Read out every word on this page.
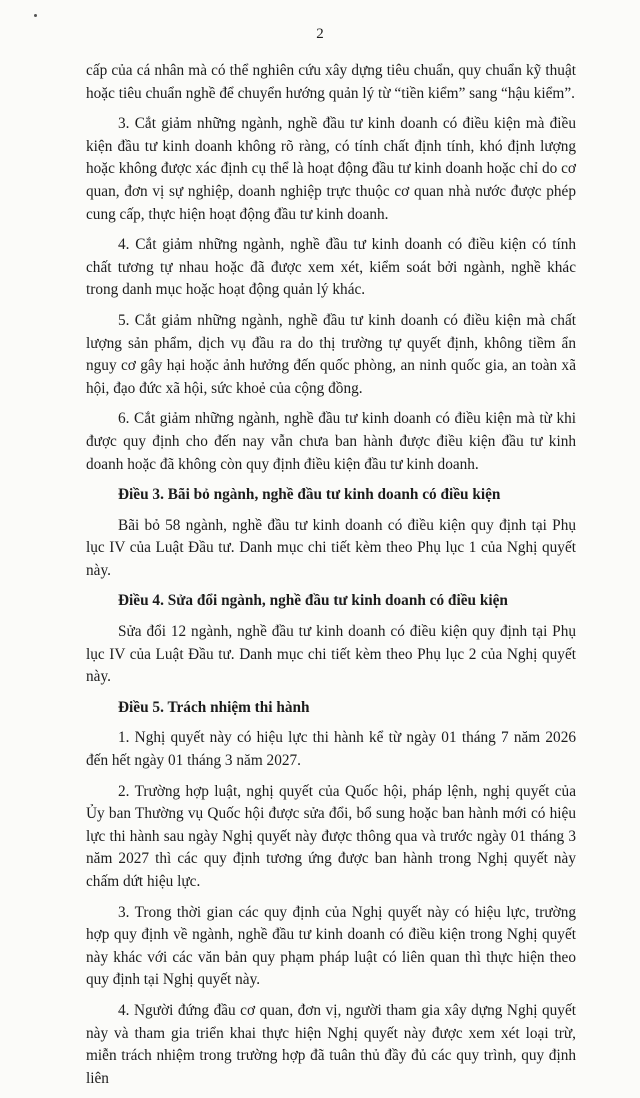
2

cấp của cá nhân mà có thể nghiên cứu xây dựng tiêu chuẩn, quy chuẩn kỹ thuật hoặc tiêu chuẩn nghề để chuyển hướng quản lý từ “tiền kiểm” sang “hậu kiểm”.

3. Cắt giảm những ngành, nghề đầu tư kinh doanh có điều kiện mà điều kiện đầu tư kinh doanh không rõ ràng, có tính chất định tính, khó định lượng hoặc không được xác định cụ thể là hoạt động đầu tư kinh doanh hoặc chỉ do cơ quan, đơn vị sự nghiệp, doanh nghiệp trực thuộc cơ quan nhà nước được phép cung cấp, thực hiện hoạt động đầu tư kinh doanh.

4. Cắt giảm những ngành, nghề đầu tư kinh doanh có điều kiện có tính chất tương tự nhau hoặc đã được xem xét, kiểm soát bởi ngành, nghề khác trong danh mục hoặc hoạt động quản lý khác.

5. Cắt giảm những ngành, nghề đầu tư kinh doanh có điều kiện mà chất lượng sản phẩm, dịch vụ đầu ra do thị trường tự quyết định, không tiềm ẩn nguy cơ gây hại hoặc ảnh hưởng đến quốc phòng, an ninh quốc gia, an toàn xã hội, đạo đức xã hội, sức khoẻ của cộng đồng.

6. Cắt giảm những ngành, nghề đầu tư kinh doanh có điều kiện mà từ khi được quy định cho đến nay vẫn chưa ban hành được điều kiện đầu tư kinh doanh hoặc đã không còn quy định điều kiện đầu tư kinh doanh.

Điều 3. Bãi bỏ ngành, nghề đầu tư kinh doanh có điều kiện

Bãi bỏ 58 ngành, nghề đầu tư kinh doanh có điều kiện quy định tại Phụ lục IV của Luật Đầu tư. Danh mục chi tiết kèm theo Phụ lục 1 của Nghị quyết này.

Điều 4. Sửa đổi ngành, nghề đầu tư kinh doanh có điều kiện

Sửa đổi 12 ngành, nghề đầu tư kinh doanh có điều kiện quy định tại Phụ lục IV của Luật Đầu tư. Danh mục chi tiết kèm theo Phụ lục 2 của Nghị quyết này.

Điều 5. Trách nhiệm thi hành

1. Nghị quyết này có hiệu lực thi hành kể từ ngày 01 tháng 7 năm 2026 đến hết ngày 01 tháng 3 năm 2027.

2. Trường hợp luật, nghị quyết của Quốc hội, pháp lệnh, nghị quyết của Ủy ban Thường vụ Quốc hội được sửa đổi, bổ sung hoặc ban hành mới có hiệu lực thi hành sau ngày Nghị quyết này được thông qua và trước ngày 01 tháng 3 năm 2027 thì các quy định tương ứng được ban hành trong Nghị quyết này chấm dứt hiệu lực.

3. Trong thời gian các quy định của Nghị quyết này có hiệu lực, trường hợp quy định về ngành, nghề đầu tư kinh doanh có điều kiện trong Nghị quyết này khác với các văn bản quy phạm pháp luật có liên quan thì thực hiện theo quy định tại Nghị quyết này.

4. Người đứng đầu cơ quan, đơn vị, người tham gia xây dựng Nghị quyết này và tham gia triển khai thực hiện Nghị quyết này được xem xét loại trừ, miễn trách nhiệm trong trường hợp đã tuân thủ đầy đủ các quy trình, quy định liên
